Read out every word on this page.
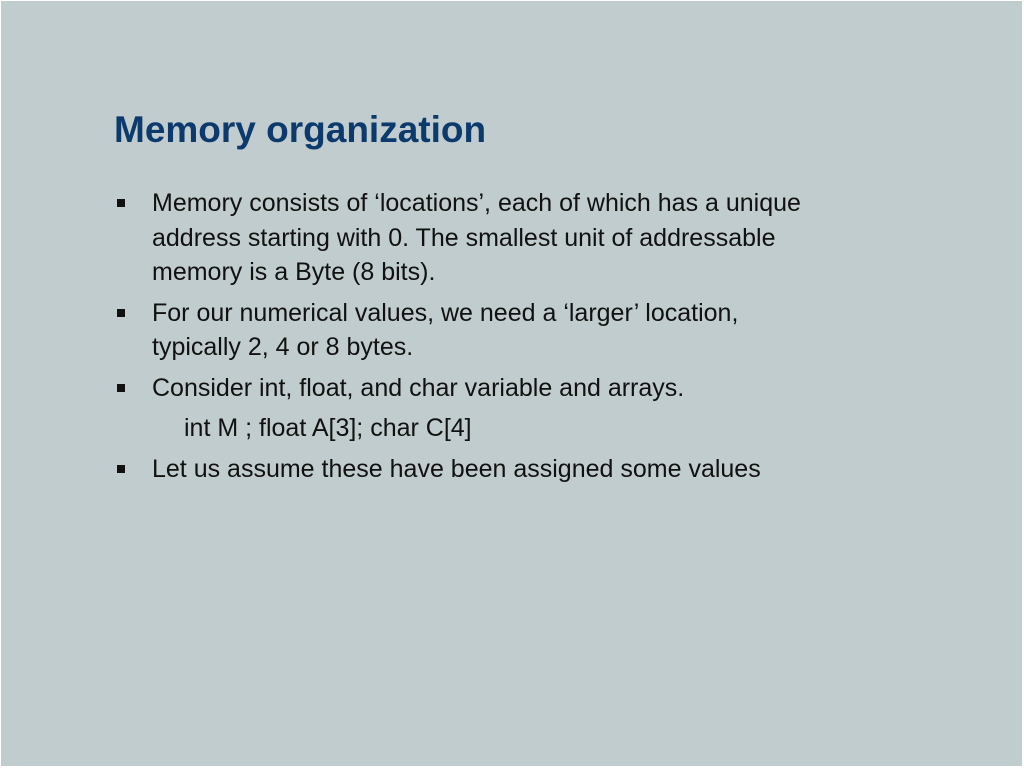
Memory organization
Memory consists of ‘locations’, each of which has a unique
address starting with 0. The smallest unit of addressable
memory is a Byte (8 bits).
For our numerical values, we need a ‘larger’ location,
typically 2, 4 or 8 bytes.
Consider int, float, and char variable and arrays.
int M ; float A[3]; char C[4]
Let us assume these have been assigned some values
